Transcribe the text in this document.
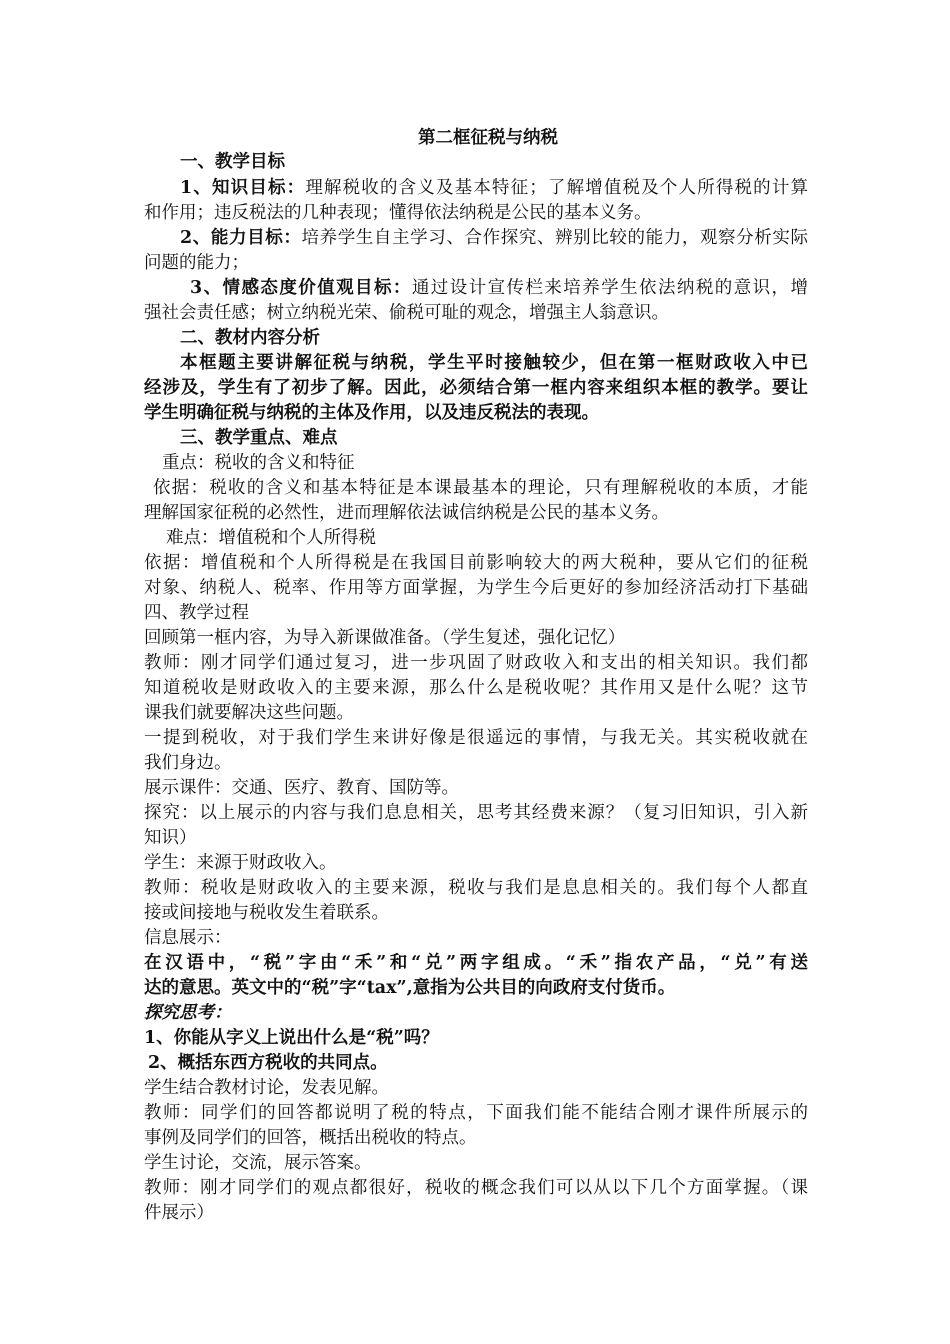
第二框征税与纳税
一、教学目标
1、知识目标：理解税收的含义及基本特征；了解增值税及个人所得税的计算
和作用；违反税法的几种表现；懂得依法纳税是公民的基本义务。
2、能力目标：培养学生自主学习、合作探究、辨别比较的能力，观察分析实际
问题的能力；
3、情感态度价值观目标：通过设计宣传栏来培养学生依法纳税的意识，增
强社会责任感；树立纳税光荣、偷税可耻的观念，增强主人翁意识。
二、教材内容分析
本框题主要讲解征税与纳税，学生平时接触较少，但在第一框财政收入中已
经涉及，学生有了初步了解。因此，必须结合第一框内容来组织本框的教学。要让
学生明确征税与纳税的主体及作用，以及违反税法的表现。
三、教学重点、难点
重点：税收的含义和特征
依据：税收的含义和基本特征是本课最基本的理论，只有理解税收的本质，才能
理解国家征税的必然性，进而理解依法诚信纳税是公民的基本义务。
难点：增值税和个人所得税
依据：增值税和个人所得税是在我国目前影响较大的两大税种，要从它们的征税
对象、纳税人、税率、作用等方面掌握，为学生今后更好的参加经济活动打下基础
四、教学过程
回顾第一框内容，为导入新课做准备。（学生复述，强化记忆）
教师：刚才同学们通过复习，进一步巩固了财政收入和支出的相关知识。我们都
知道税收是财政收入的主要来源，那么什么是税收呢？其作用又是什么呢？这节
课我们就要解决这些问题。
一提到税收，对于我们学生来讲好像是很遥远的事情，与我无关。其实税收就在
我们身边。
展示课件：交通、医疗、教育、国防等。
探究：以上展示的内容与我们息息相关，思考其经费来源？（复习旧知识，引入新
知识）
学生：来源于财政收入。
教师：税收是财政收入的主要来源，税收与我们是息息相关的。我们每个人都直
接或间接地与税收发生着联系。
信息展示：
在汉语中，“税”字由“禾”和“兑”两字组成。“禾”指农产品，“兑”有送
达的意思。英文中的“税”字“tax”,意指为公共目的向政府支付货币。
探究思考：
1、你能从字义上说出什么是“税”吗？
2、概括东西方税收的共同点。
学生结合教材讨论，发表见解。
教师：同学们的回答都说明了税的特点，下面我们能不能结合刚才课件所展示的
事例及同学们的回答，概括出税收的特点。
学生讨论，交流，展示答案。
教师：刚才同学们的观点都很好，税收的概念我们可以从以下几个方面掌握。（课
件展示）
